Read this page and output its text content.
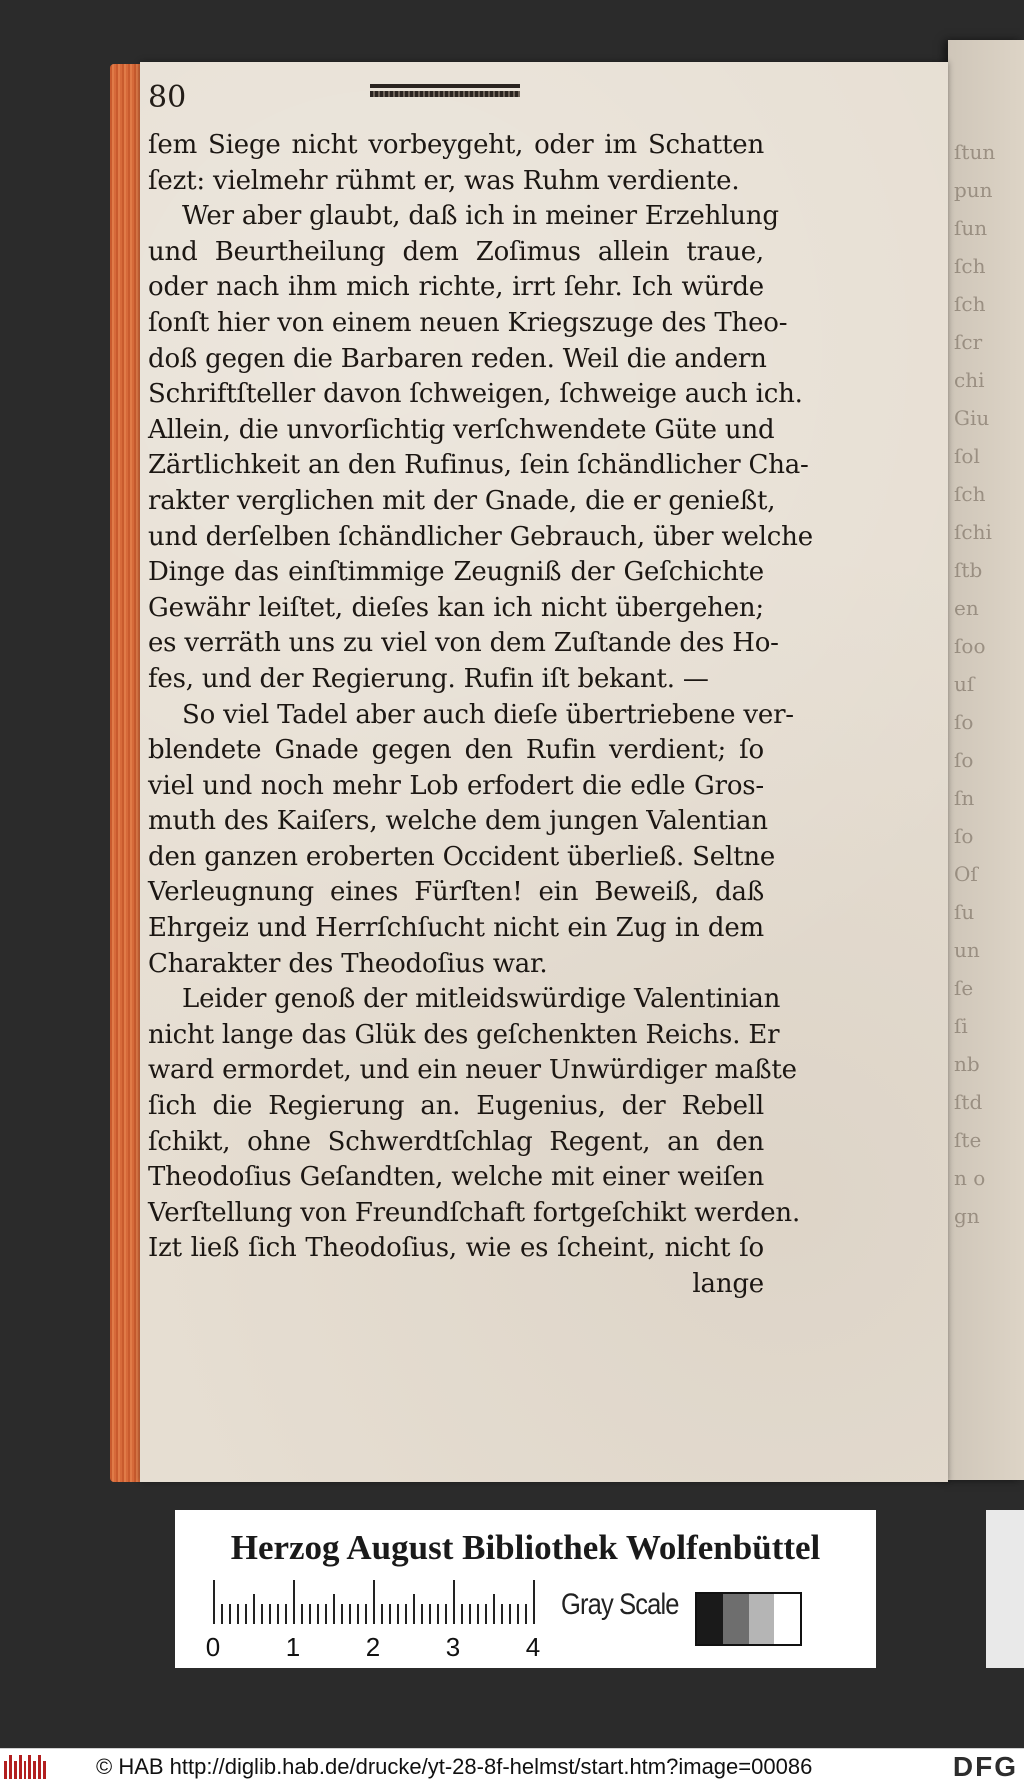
ſtun
pun
ſun
ſch
ſch
ſcr
chi
Giu
ſol
ſch
ſchi
ſtb
en
ſoo
uſ
ſo
ſo
ſn
ſo
Oſ
ſu
un
ſe
ſi
nb
ſtd
ſte
n o
gn
80
ſem Siege nicht vorbeygeht, oder im Schatten
ſezt: vielmehr rühmt er, was Ruhm verdiente.
Wer aber glaubt, daß ich in meiner Erzehlung
und Beurtheilung dem Zoſimus allein traue,
oder nach ihm mich richte, irrt ſehr. Ich würde
ſonſt hier von einem neuen Kriegszuge des Theo-
doß gegen die Barbaren reden. Weil die andern
Schriftſteller davon ſchweigen, ſchweige auch ich.
Allein, die unvorſichtig verſchwendete Güte und
Zärtlichkeit an den Rufinus, ſein ſchändlicher Cha-
rakter verglichen mit der Gnade, die er genießt,
und derſelben ſchändlicher Gebrauch, über welche
Dinge das einſtimmige Zeugniß der Geſchichte
Gewähr leiſtet, dieſes kan ich nicht übergehen;
es verräth uns zu viel von dem Zuſtande des Ho-
fes, und der Regierung. Rufin iſt bekant. —
So viel Tadel aber auch dieſe übertriebene ver-
blendete Gnade gegen den Rufin verdient; ſo
viel und noch mehr Lob erfodert die edle Gros-
muth des Kaiſers, welche dem jungen Valentian
den ganzen eroberten Occident überließ. Seltne
Verleugnung eines Fürſten! ein Beweiß, daß
Ehrgeiz und Herrſchſucht nicht ein Zug in dem
Charakter des Theodoſius war.
Leider genoß der mitleidswürdige Valentinian
nicht lange das Glük des geſchenkten Reichs. Er
ward ermordet, und ein neuer Unwürdiger maßte
ſich die Regierung an. Eugenius, der Rebell
ſchikt, ohne Schwerdtſchlag Regent, an den
Theodoſius Geſandten, welche mit einer weiſen
Verſtellung von Freundſchaft fortgeſchikt werden.
Izt ließ ſich Theodoſius, wie es ſcheint, nicht ſo
lange
Herzog August Bibliothek Wolfenbüttel
0	1	2	3	4
Gray Scale
© HAB http://diglib.hab.de/drucke/yt-28-8f-helmst/start.htm?image=00086	DFG
